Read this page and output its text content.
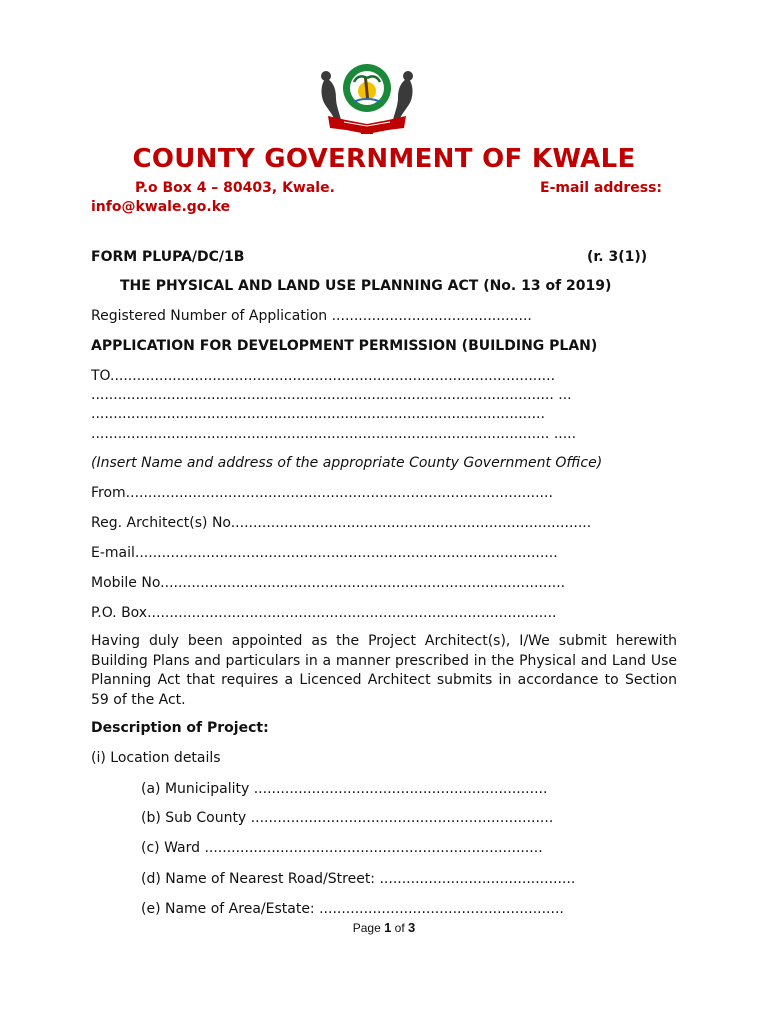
COUNTY GOVERNMENT OF KWALE
P.o Box 4 – 80403, Kwale.	E-mail address:
info@kwale.go.ke
FORM PLUPA/DC/1B	(r. 3(1))
THE PHYSICAL AND LAND USE PLANNING ACT (No. 13 of 2019)
Registered Number of Application .............................................
APPLICATION FOR DEVELOPMENT PERMISSION (BUILDING PLAN)
TO....................................................................................................
........................................................................................................ ...
......................................................................................................
....................................................................................................... .....
(Insert Name and address of the appropriate County Government Office)
From................................................................................................
Reg. Architect(s) No.................................................................................
E-mail...............................................................................................
Mobile No...........................................................................................
P.O. Box............................................................................................
Having duly been appointed as the Project Architect(s), I/We submit herewith Building Plans and particulars in a manner prescribed in the Physical and Land Use Planning Act that requires a Licenced Architect submits in accordance to Section 59 of the Act.
Description of Project:
(i) Location details
(a) Municipality ..................................................................
(b) Sub County ....................................................................
(c) Ward ............................................................................
(d) Name of Nearest Road/Street: ............................................
(e) Name of Area/Estate: .......................................................
Page 1 of 3
